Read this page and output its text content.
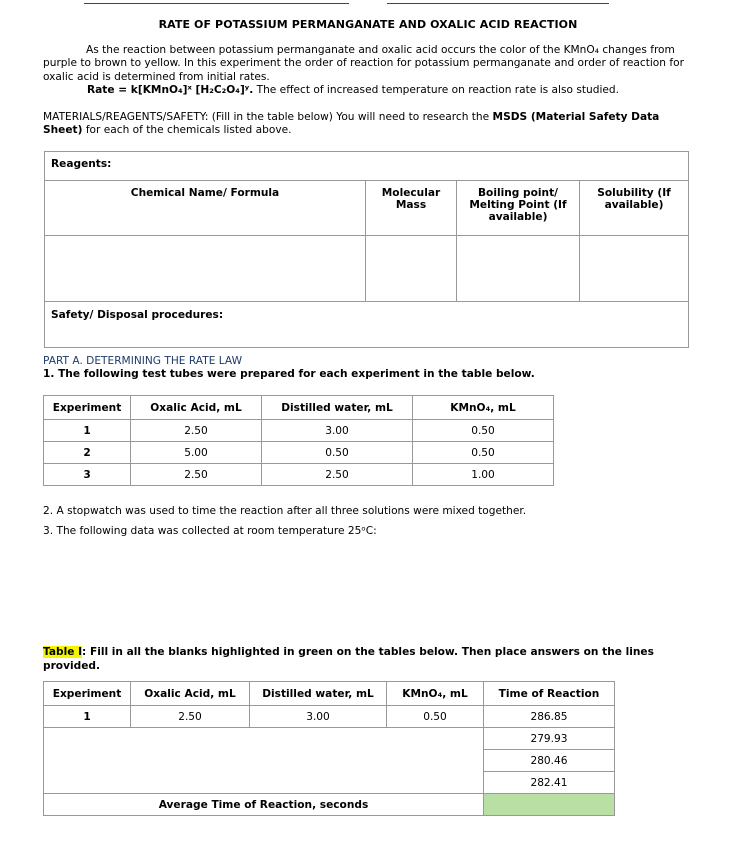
RATE OF POTASSIUM PERMANGANATE AND OXALIC ACID REACTION
As the reaction between potassium permanganate and oxalic acid occurs the color of the KMnO₄ changes from purple to brown to yellow. In this experiment the order of reaction for potassium permanganate and order of reaction for oxalic acid is determined from initial rates.
Rate = k[KMnO₄]ˣ [H₂C₂O₄]ʸ. The effect of increased temperature on reaction rate is also studied.
MATERIALS/REAGENTS/SAFETY: (Fill in the table below) You will need to research the MSDS (Material Safety Data Sheet) for each of the chemicals listed above.
Reagents:			
Chemical Name/ Formula	Molecular Mass	Boiling point/ Melting Point (If available)	Solubility (If available)

Safety/ Disposal procedures:			
PART A. DETERMINING THE RATE LAW
1. The following test tubes were prepared for each experiment in the table below.
Experiment	Oxalic Acid, mL	Distilled water, mL	KMnO₄, mL
1	2.50	3.00	0.50
2	5.00	0.50	0.50
3	2.50	2.50	1.00
2. A stopwatch was used to time the reaction after all three solutions were mixed together.
3. The following data was collected at room temperature 25ᵒC:
Table I: Fill in all the blanks highlighted in green on the tables below. Then place answers on the lines provided.
Experiment	Oxalic Acid, mL	Distilled water, mL	KMnO₄, mL	Time of Reaction
1	2.50	3.00	0.50	286.85
				279.93
				280.46
				282.41
Average Time of Reaction, seconds				
